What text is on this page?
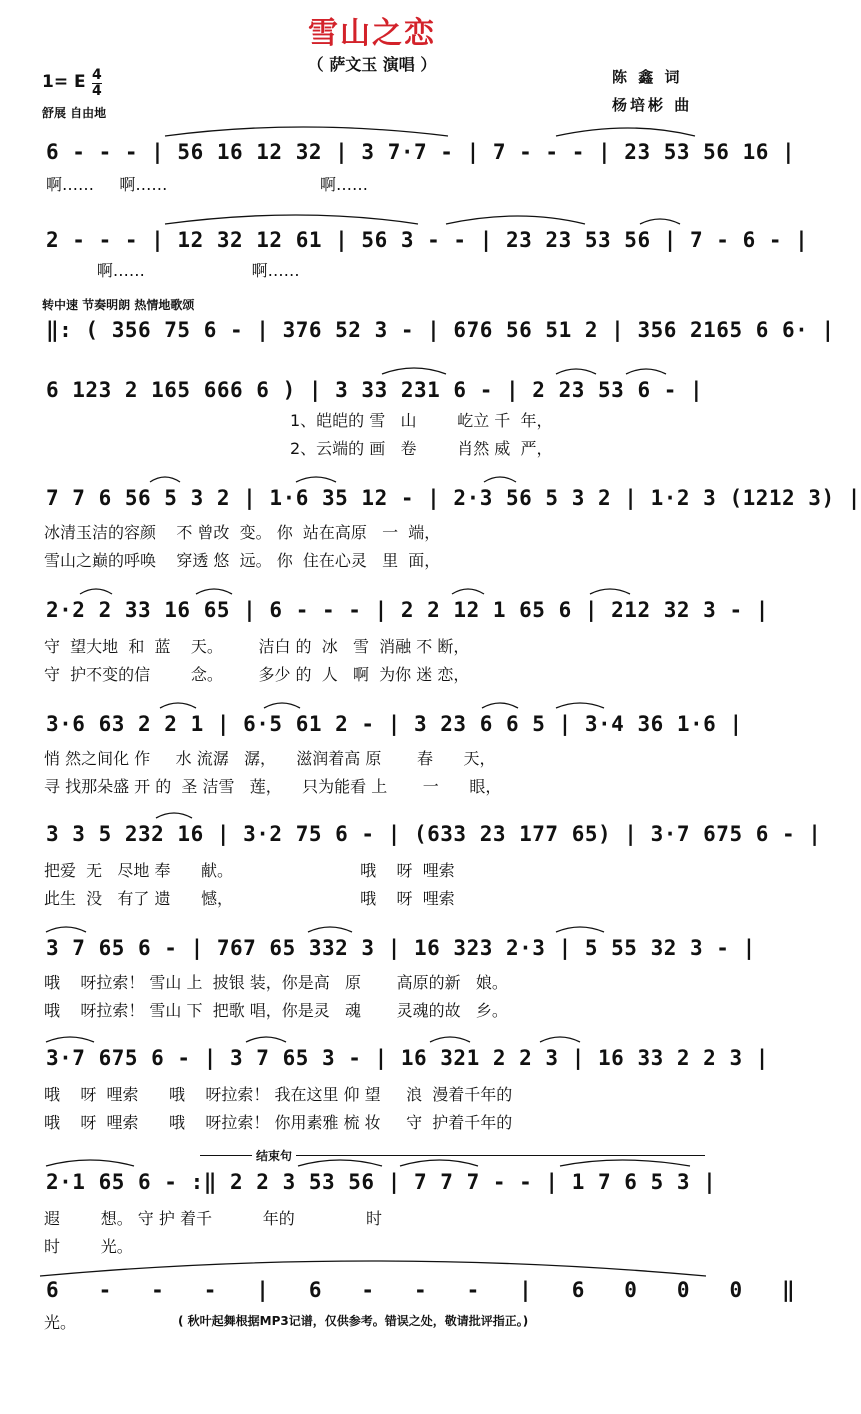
雪山之恋
（ 萨文玉 演唱 ）
1= E 4
4
舒展 自由地
陈 鑫 词
杨培彬 曲
转中速 节奏明朗 热情地歌颂
6 - - - | 56 16 12 32 | 3 7·7 - | 7 - - - | 23 53 56 16 |
啊……     啊……                              啊……
2 - - - | 12 32 12 61 | 56 3 - - | 23 23 53 56 | 7 - 6 - |
啊……                     啊……
‖: ( 356 75 6 - | 376 52 3 - | 676 56 51 2 | 356 2165 6 6· |
6 123 2 165 666 6 ) | 3 33 231 6 - | 2 23 53 6 - |
1、皑皑的 雪   山        屹立 千  年，
2、云端的 画   卷        肖然 威  严，
7 7 6 56 5 3 2 | 1·6 35 12 - | 2·3 56 5 3 2 | 1·2 3 (1212 3) |
冰清玉洁的容颜    不 曾改  变。 你  站在高原   一  端，
雪山之巅的呼唤    穿透 悠  远。 你  住在心灵   里  面，
2·2 2 33 16 65 | 6 - - - | 2 2 12 1 65 6 | 212 32 3 - |
守  望大地  和  蓝    天。       洁白 的  冰   雪  消融 不 断，
守  护不变的信        念。       多少 的  人   啊  为你 迷 恋，
3·6 63 2 2 1 | 6·5 61 2 - | 3 23 6 6 5 | 3·4 36 1·6 |
悄 然之间化 作     水 流潺   潺，    滋润着高 原       春      天，
寻 找那朵盛 开 的  圣 洁雪   莲，    只为能看 上       一      眼，
3 3 5 232 16 | 3·2 75 6 - | (633 23 177 65) | 3·7 675 6 - |
把爱  无   尽地 奉      献。                         哦    呀  哩索
此生  没   有了 遗      憾，                         哦    呀  哩索
3 7 65 6 - | 767 65 332 3 | 16 323 2·3 | 5 55 32 3 - |
哦    呀拉索！ 雪山 上  披银 装，你是高   原       高原的新   娘。
哦    呀拉索！ 雪山 下  把歌 唱，你是灵   魂       灵魂的故   乡。
3·7 675 6 - | 3 7 65 3 - | 16 321 2 2 3 | 16 33 2 2 3 |
哦    呀  哩索      哦    呀拉索！ 我在这里 仰 望     浪  漫着千年的
哦    呀  哩索      哦    呀拉索！ 你用素雅 梳 妆     守  护着千年的
结束句
2·1 65 6 - :‖ 2 2 3 53 56 | 7 7 7 - - | 1 7 6 5 3 |
遐        想。 守 护 着千          年的              时
时        光。
6   -   -   -   |   6   -   -   -   |   6   0   0   0   ‖
光。	( 秋叶起舞根据MP3记谱，仅供参考。错误之处，敬请批评指正。)
